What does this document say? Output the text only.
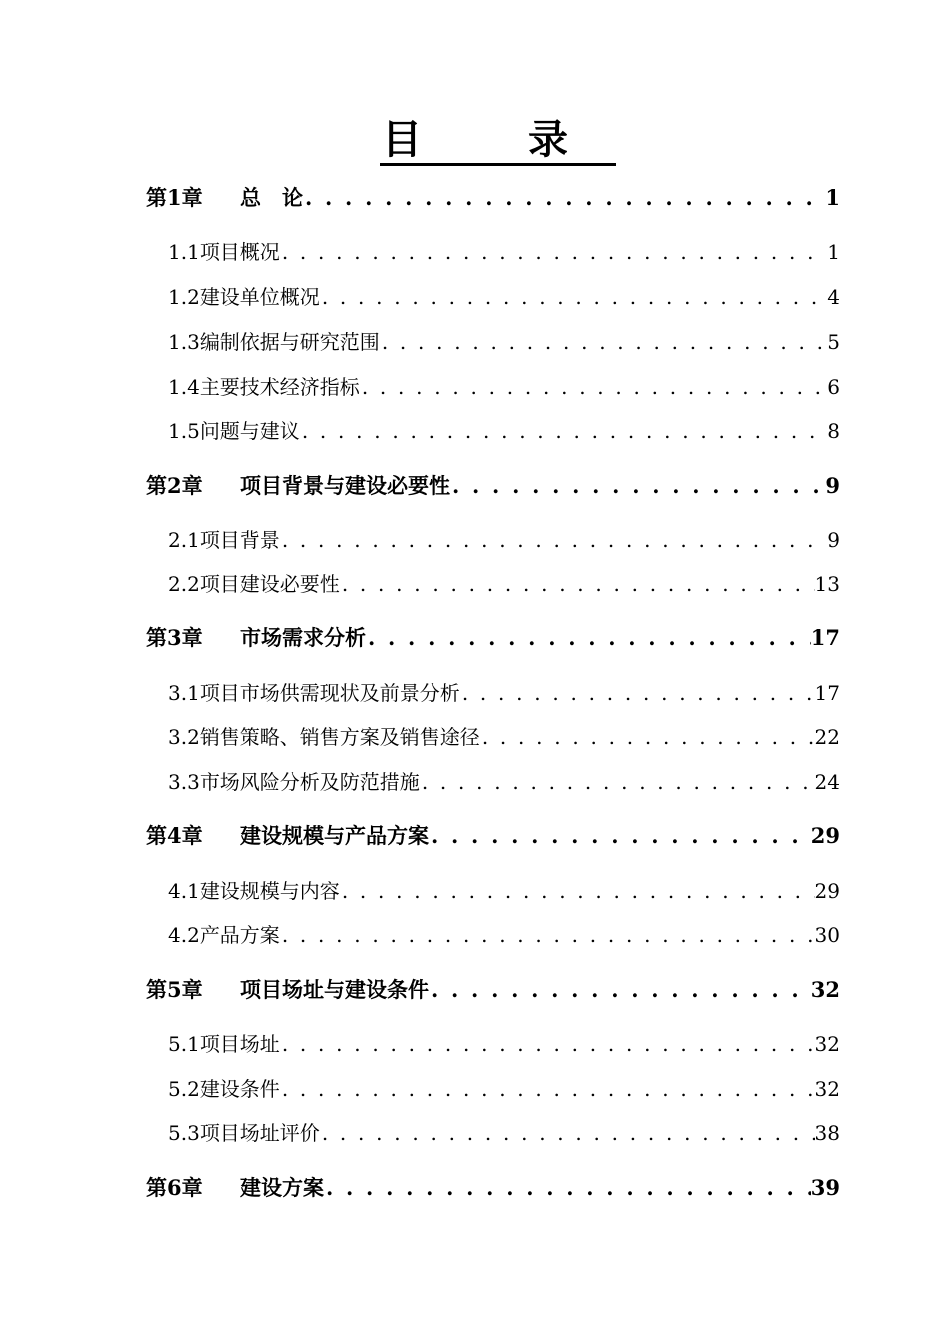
目 录
第1章	总　论 . . .	1
1.1 项目概况 . . .	1
1.2 建设单位概况 . . .	4
1.3 编制依据与研究范围 . . .	5
1.4 主要技术经济指标 . . .	6
1.5 问题与建议 . . .	8
第2章	项目背景与建设必要性 . . .	9
2.1 项目背景 . . .	9
2.2 项目建设必要性 . . .	13
第3章	市场需求分析 . . .	17
3.1 项目市场供需现状及前景分析 . . .	17
3.2 销售策略、销售方案及销售途径 . . .	22
3.3 市场风险分析及防范措施 . . .	24
第4章	建设规模与产品方案 . . .	29
4.1 建设规模与内容 . . .	29
4.2 产品方案 . . .	30
第5章	项目场址与建设条件 . . .	32
5.1 项目场址 . . .	32
5.2 建设条件 . . .	32
5.3 项目场址评价 . . .	38
第6章	建设方案 . . .	39
